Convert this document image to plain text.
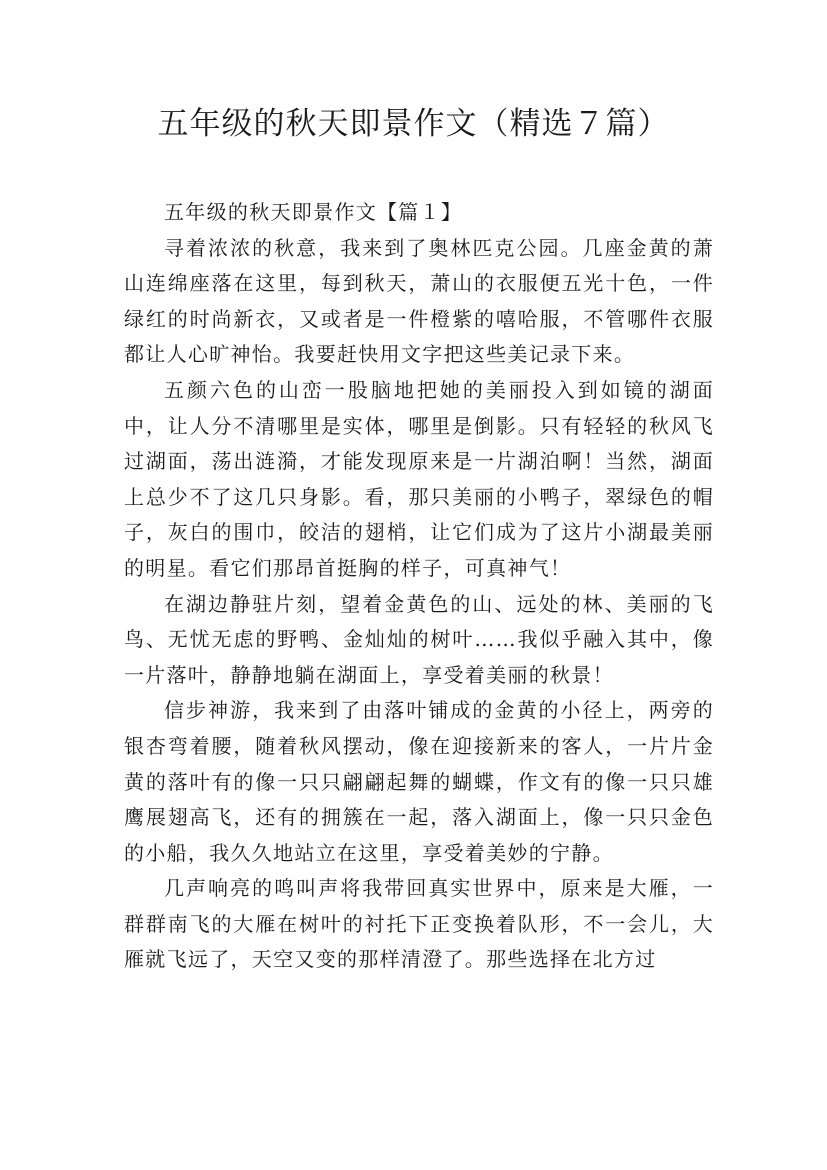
五年级的秋天即景作文（精选７篇）

五年级的秋天即景作文【篇１】

寻着浓浓的秋意，我来到了奥林匹克公园。几座金黄的萧山连绵座落在这里，每到秋天，萧山的衣服便五光十色，一件绿红的时尚新衣，又或者是一件橙紫的嘻哈服，不管哪件衣服都让人心旷神怡。我要赶快用文字把这些美记录下来。

五颜六色的山峦一股脑地把她的美丽投入到如镜的湖面中，让人分不清哪里是实体，哪里是倒影。只有轻轻的秋风飞过湖面，荡出涟漪，才能发现原来是一片湖泊啊！当然，湖面上总少不了这几只身影。看，那只美丽的小鸭子，翠绿色的帽子，灰白的围巾，皎洁的翅梢，让它们成为了这片小湖最美丽的明星。看它们那昂首挺胸的样子，可真神气！

在湖边静驻片刻，望着金黄色的山、远处的林、美丽的飞鸟、无忧无虑的野鸭、金灿灿的树叶……我似乎融入其中，像一片落叶，静静地躺在湖面上，享受着美丽的秋景！

信步神游，我来到了由落叶铺成的金黄的小径上，两旁的银杏弯着腰，随着秋风摆动，像在迎接新来的客人，一片片金黄的落叶有的像一只只翩翩起舞的蝴蝶，作文有的像一只只雄鹰展翅高飞，还有的拥簇在一起，落入湖面上，像一只只金色的小船，我久久地站立在这里，享受着美妙的宁静。

几声响亮的鸣叫声将我带回真实世界中，原来是大雁，一群群南飞的大雁在树叶的衬托下正变换着队形，不一会儿，大雁就飞远了，天空又变的那样清澄了。那些选择在北方过
